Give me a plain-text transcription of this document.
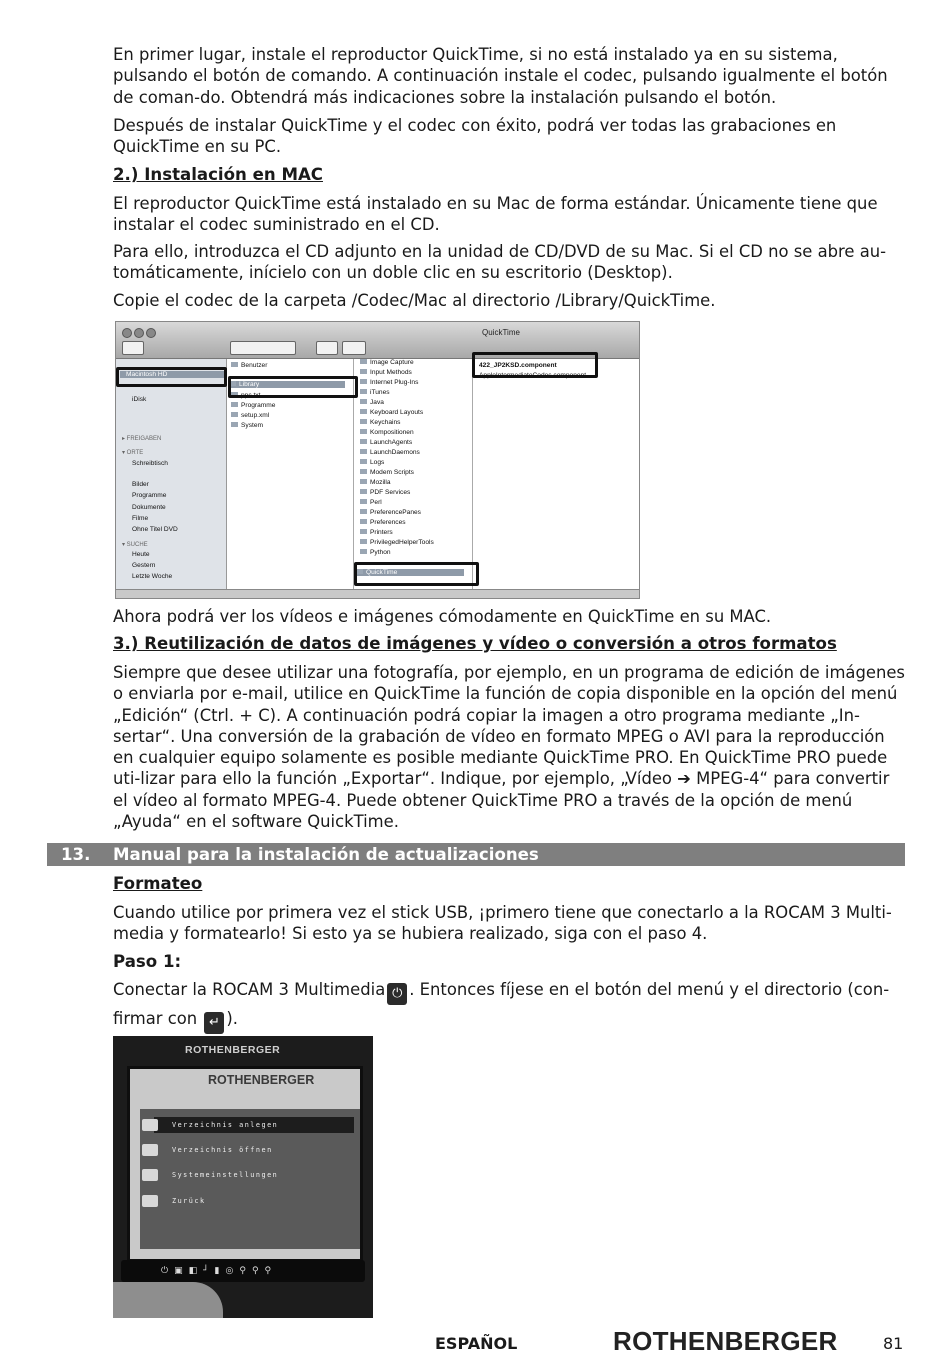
En primer lugar, instale el reproductor QuickTime, si no está instalado ya en su sistema, pulsando el botón de comando. A continuación instale el codec, pulsando igualmente el botón de coman-do. Obtendrá más indicaciones sobre la instalación pulsando el botón.

Después de instalar QuickTime y el codec con éxito, podrá ver todas las grabaciones en QuickTime en su PC.

2.) Instalación en MAC

El reproductor QuickTime está instalado en su Mac de forma estándar. Únicamente tiene que instalar el codec suministrado en el CD.

Para ello, introduzca el CD adjunto en la unidad de CD/DVD de su Mac. Si el CD no se abre au-tomáticamente, inícielo con un doble clic en su escritorio (Desktop).

Copie el codec de la carpeta /Codec/Mac al directorio /Library/QuickTime.

QuickTime
Macintosh HD
iDisk
▸ FREIGABEN
▾ ORTE
Schreibtisch
Bilder
Programme
Dokumente
Filme
Ohne Titel DVD
▾ SUCHE
Heute
Gestern
Letzte Woche
Benutzer
Library
ppc.txt
Programme
setup.xml
System
Image Capture
Input Methods
Internet Plug-Ins
iTunes
Java
Keyboard Layouts
Keychains
Kompositionen
LaunchAgents
LaunchDaemons
Logs
Modem Scripts
Mozilla
PDF Services
Perl
PreferencePanes
Preferences
Printers
PrivilegedHelperTools
Python
QuickTime
422_JP2KSD.component
AppleIntermediateCodec.component

Ahora podrá ver los vídeos e imágenes cómodamente en QuickTime en su MAC.

3.) Reutilización de datos de imágenes y vídeo o conversión a otros formatos

Siempre que desee utilizar una fotografía, por ejemplo, en un programa de edición de imágenes o enviarla por e-mail, utilice en QuickTime la función de copia disponible en la opción del menú „Edición“ (Ctrl. + C). A continuación podrá copiar la imagen a otro programa mediante „In-sertar“. Una conversión de la grabación de vídeo en formato MPEG o AVI para la reproducción en cualquier equipo solamente es posible mediante QuickTime PRO. En QuickTime PRO puede uti-lizar para ello la función „Exportar“. Indique, por ejemplo, „Vídeo ➔ MPEG-4“ para convertir el vídeo al formato MPEG-4. Puede obtener QuickTime PRO a través de la opción de menú „Ayuda“ en el software QuickTime.

13. Manual para la instalación de actualizaciones

Formateo

Cuando utilice por primera vez el stick USB, ¡primero tiene que conectarlo a la ROCAM 3 Multi-media y formatearlo! Si esto ya se hubiera realizado, siga con el paso 4.

Paso 1:

Conectar la ROCAM 3 Multimedia ⏻ . Entonces fíjese en el botón del menú y el directorio (con-
firmar con ↵ ).

ROTHENBERGER
ROTHENBERGER
Verzeichnis anlegen
Verzeichnis öffnen
Systemeinstellungen
Zurück
⏻▣◧┘▮◎⚲⚲⚲
ESPAÑOL	ROTHENBERGER	81
